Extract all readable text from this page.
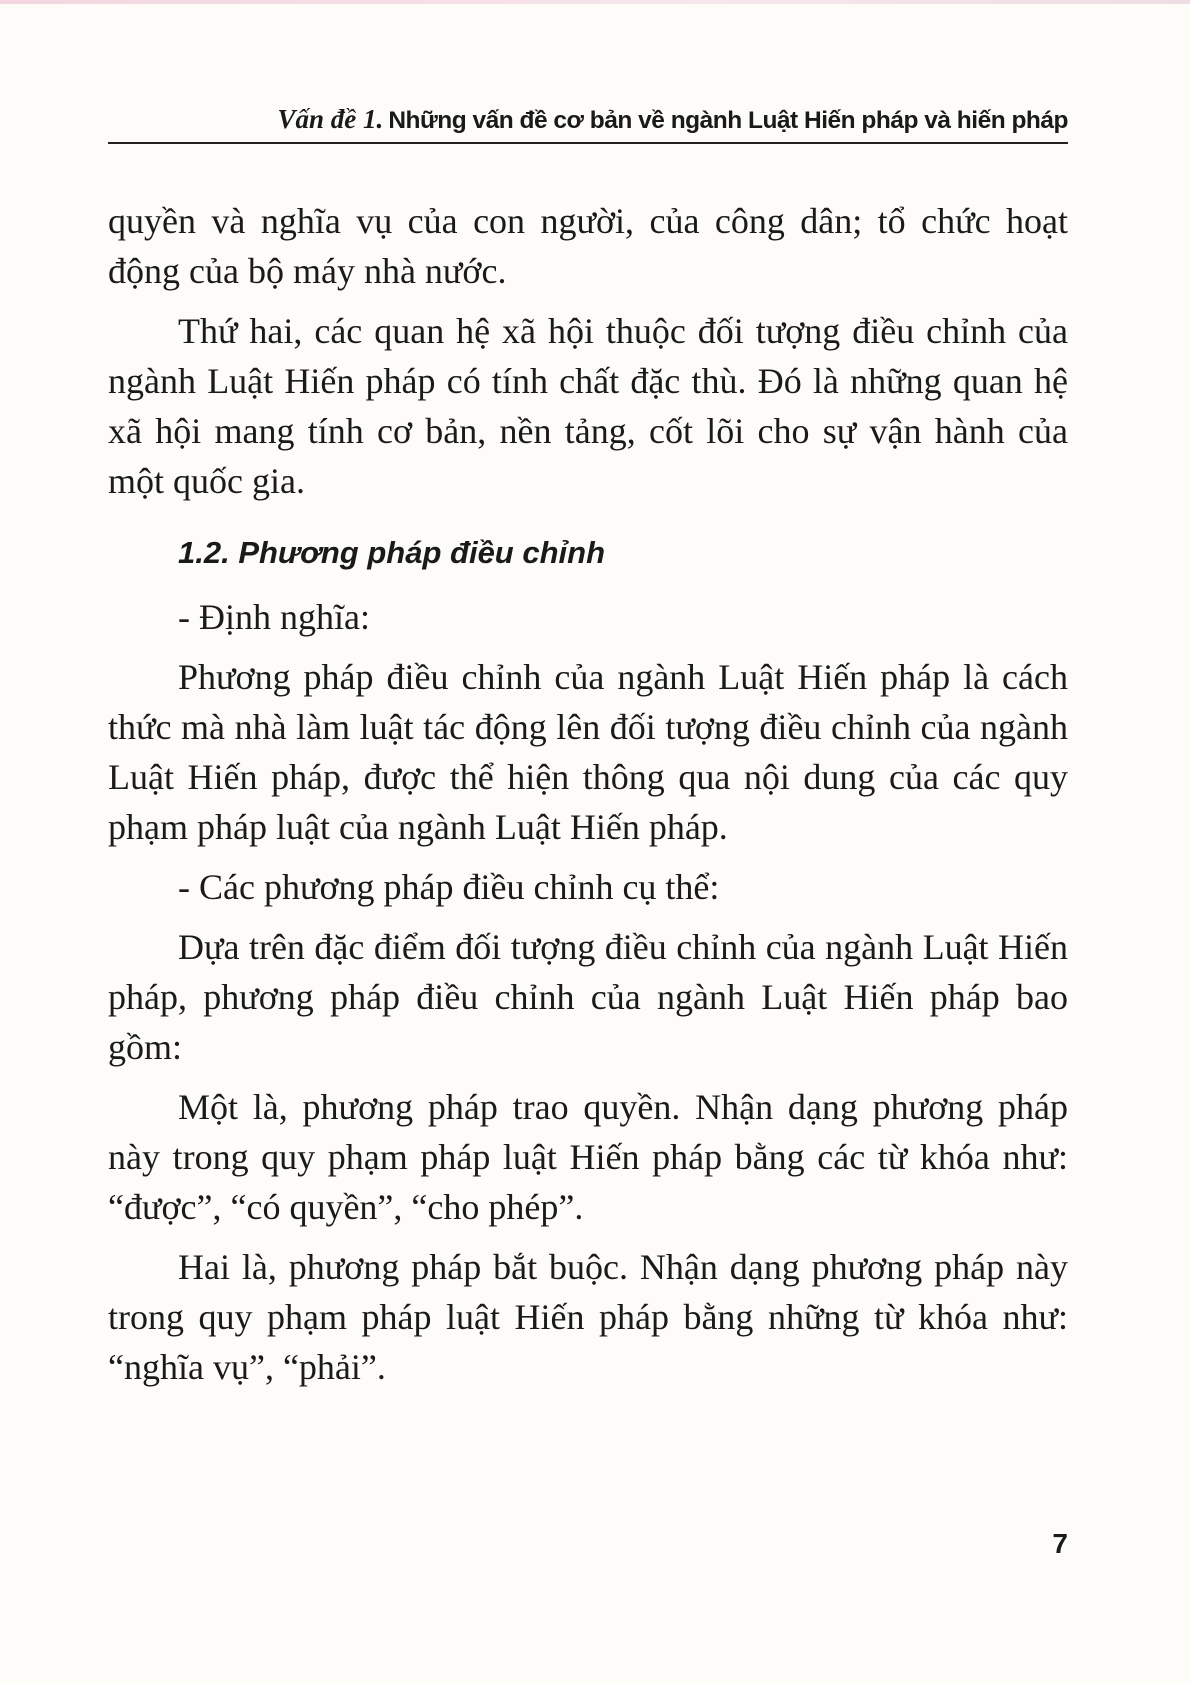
Vấn đề 1. Những vấn đề cơ bản về ngành Luật Hiến pháp và hiến pháp

quyền và nghĩa vụ của con người, của công dân; tổ chức hoạt động của bộ máy nhà nước.

Thứ hai, các quan hệ xã hội thuộc đối tượng điều chỉnh của ngành Luật Hiến pháp có tính chất đặc thù. Đó là những quan hệ xã hội mang tính cơ bản, nền tảng, cốt lõi cho sự vận hành của một quốc gia.

1.2. Phương pháp điều chỉnh

- Định nghĩa:

Phương pháp điều chỉnh của ngành Luật Hiến pháp là cách thức mà nhà làm luật tác động lên đối tượng điều chỉnh của ngành Luật Hiến pháp, được thể hiện thông qua nội dung của các quy phạm pháp luật của ngành Luật Hiến pháp.

- Các phương pháp điều chỉnh cụ thể:

Dựa trên đặc điểm đối tượng điều chỉnh của ngành Luật Hiến pháp, phương pháp điều chỉnh của ngành Luật Hiến pháp bao gồm:

Một là, phương pháp trao quyền. Nhận dạng phương pháp này trong quy phạm pháp luật Hiến pháp bằng các từ khóa như: “được”, “có quyền”, “cho phép”.

Hai là, phương pháp bắt buộc. Nhận dạng phương pháp này trong quy phạm pháp luật Hiến pháp bằng những từ khóa như: “nghĩa vụ”, “phải”.

7
